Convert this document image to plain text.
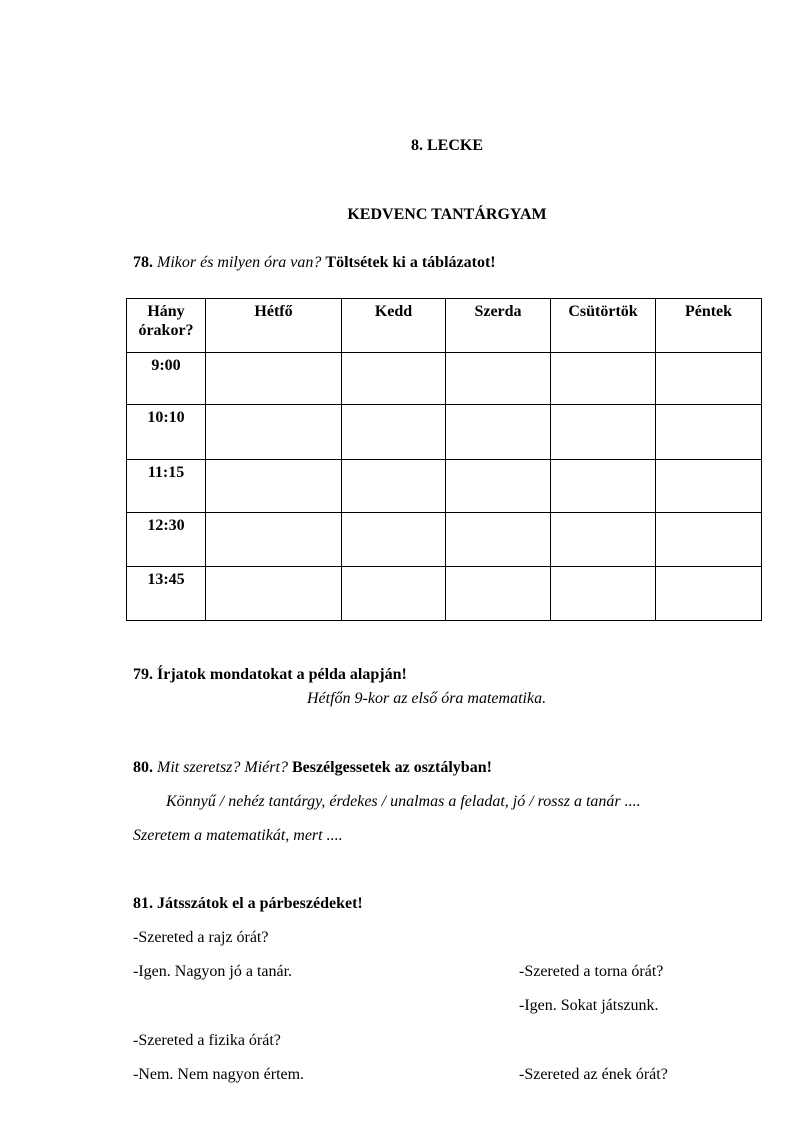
8. LECKE
KEDVENC TANTÁRGYAM
78. Mikor és milyen óra van? Töltsétek ki a táblázatot!
Hány
órakor?	Hétfő	Kedd	Szerda	Csütörtök	Péntek
9:00					
10:10					
11:15					
12:30					
13:45					
79. Írjatok mondatokat a példa alapján!
Hétfőn 9-kor az első óra matematika.
80. Mit szeretsz? Miért? Beszélgessetek az osztályban!
Könnyű / nehéz tantárgy, érdekes / unalmas a feladat, jó / rossz a tanár ....
Szeretem a matematikát, mert ....
81. Játsszátok el a párbeszédeket!
-Szereted a rajz órát?
-Igen. Nagyon jó a tanár.	-Szereted a torna órát?
-Igen. Sokat játszunk.
-Szereted a fizika órát?
-Nem. Nem nagyon értem.	-Szereted az ének órát?
